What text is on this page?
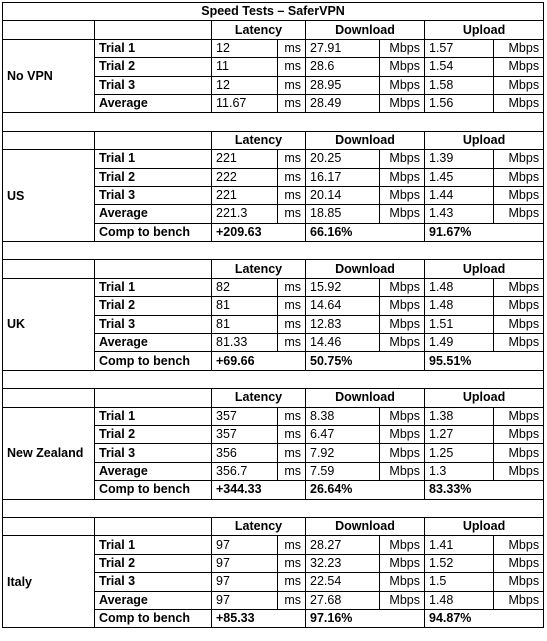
Speed Tests – SaferVPN							
		Latency		Download		Upload	
No VPN	Trial 1	12	ms	27.91	Mbps	1.57	Mbps
	Trial 2	11	ms	28.6	Mbps	1.54	Mbps
	Trial 3	12	ms	28.95	Mbps	1.58	Mbps
	Average	11.67	ms	28.49	Mbps	1.56	Mbps

		Latency		Download		Upload	
US	Trial 1	221	ms	20.25	Mbps	1.39	Mbps
	Trial 2	222	ms	16.17	Mbps	1.45	Mbps
	Trial 3	221	ms	20.14	Mbps	1.44	Mbps
	Average	221.3	ms	18.85	Mbps	1.43	Mbps
	Comp to bench	+209.63		66.16%		91.67%	

		Latency		Download		Upload	
UK	Trial 1	82	ms	15.92	Mbps	1.48	Mbps
	Trial 2	81	ms	14.64	Mbps	1.48	Mbps
	Trial 3	81	ms	12.83	Mbps	1.51	Mbps
	Average	81.33	ms	14.46	Mbps	1.49	Mbps
	Comp to bench	+69.66		50.75%		95.51%	

		Latency		Download		Upload	
New Zealand	Trial 1	357	ms	8.38	Mbps	1.38	Mbps
	Trial 2	357	ms	6.47	Mbps	1.27	Mbps
	Trial 3	356	ms	7.92	Mbps	1.25	Mbps
	Average	356.7	ms	7.59	Mbps	1.3	Mbps
	Comp to bench	+344.33		26.64%		83.33%	

		Latency		Download		Upload	
Italy	Trial 1	97	ms	28.27	Mbps	1.41	Mbps
	Trial 2	97	ms	32.23	Mbps	1.52	Mbps
	Trial 3	97	ms	22.54	Mbps	1.5	Mbps
	Average	97	ms	27.68	Mbps	1.48	Mbps
	Comp to bench	+85.33		97.16%		94.87%	
